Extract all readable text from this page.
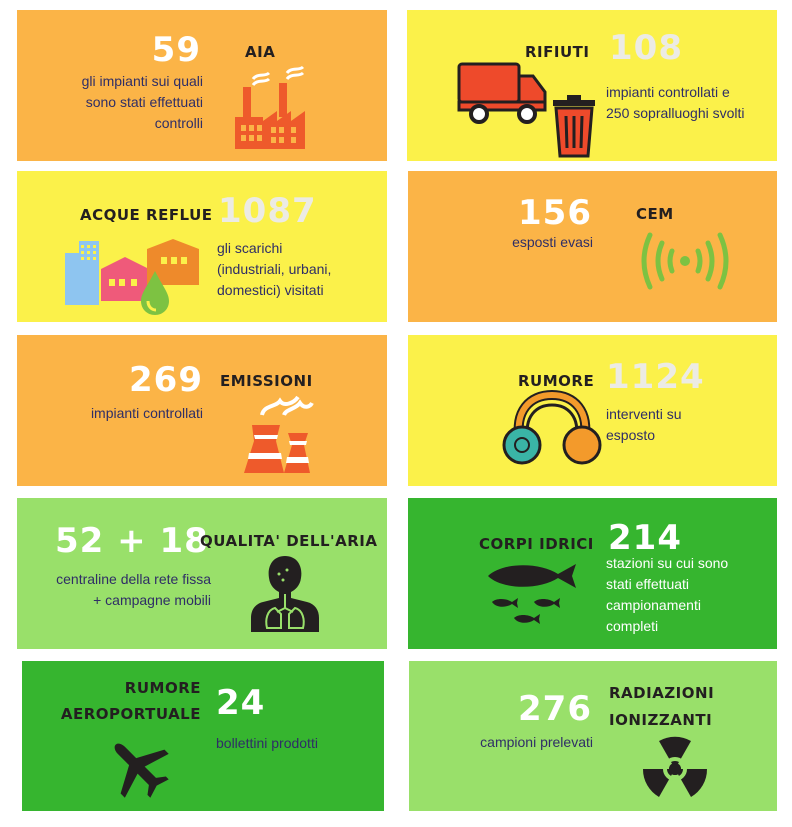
59	AIA
gli impianti sui quali
sono stati effettuati
controlli
RIFIUTI 108
impianti controllati e
250 sopralluoghi svolti
ACQUE REFLUE 1087
gli scarichi
(industriali, urbani,
domestici) visitati
156	CEM
esposti evasi
269 EMISSIONI
impianti controllati
RUMORE 1124
interventi su
esposto
52 + 18
QUALITA' DELL'ARIA
centraline della rete fissa
+ campagne mobili
CORPI IDRICI 214
stazioni su cui sono
stati effettuati
campionamenti
completi
RUMORE
AEROPORTUALE 24
bollettini prodotti
276 RADIAZIONI
IONIZZANTI
campioni prelevati
